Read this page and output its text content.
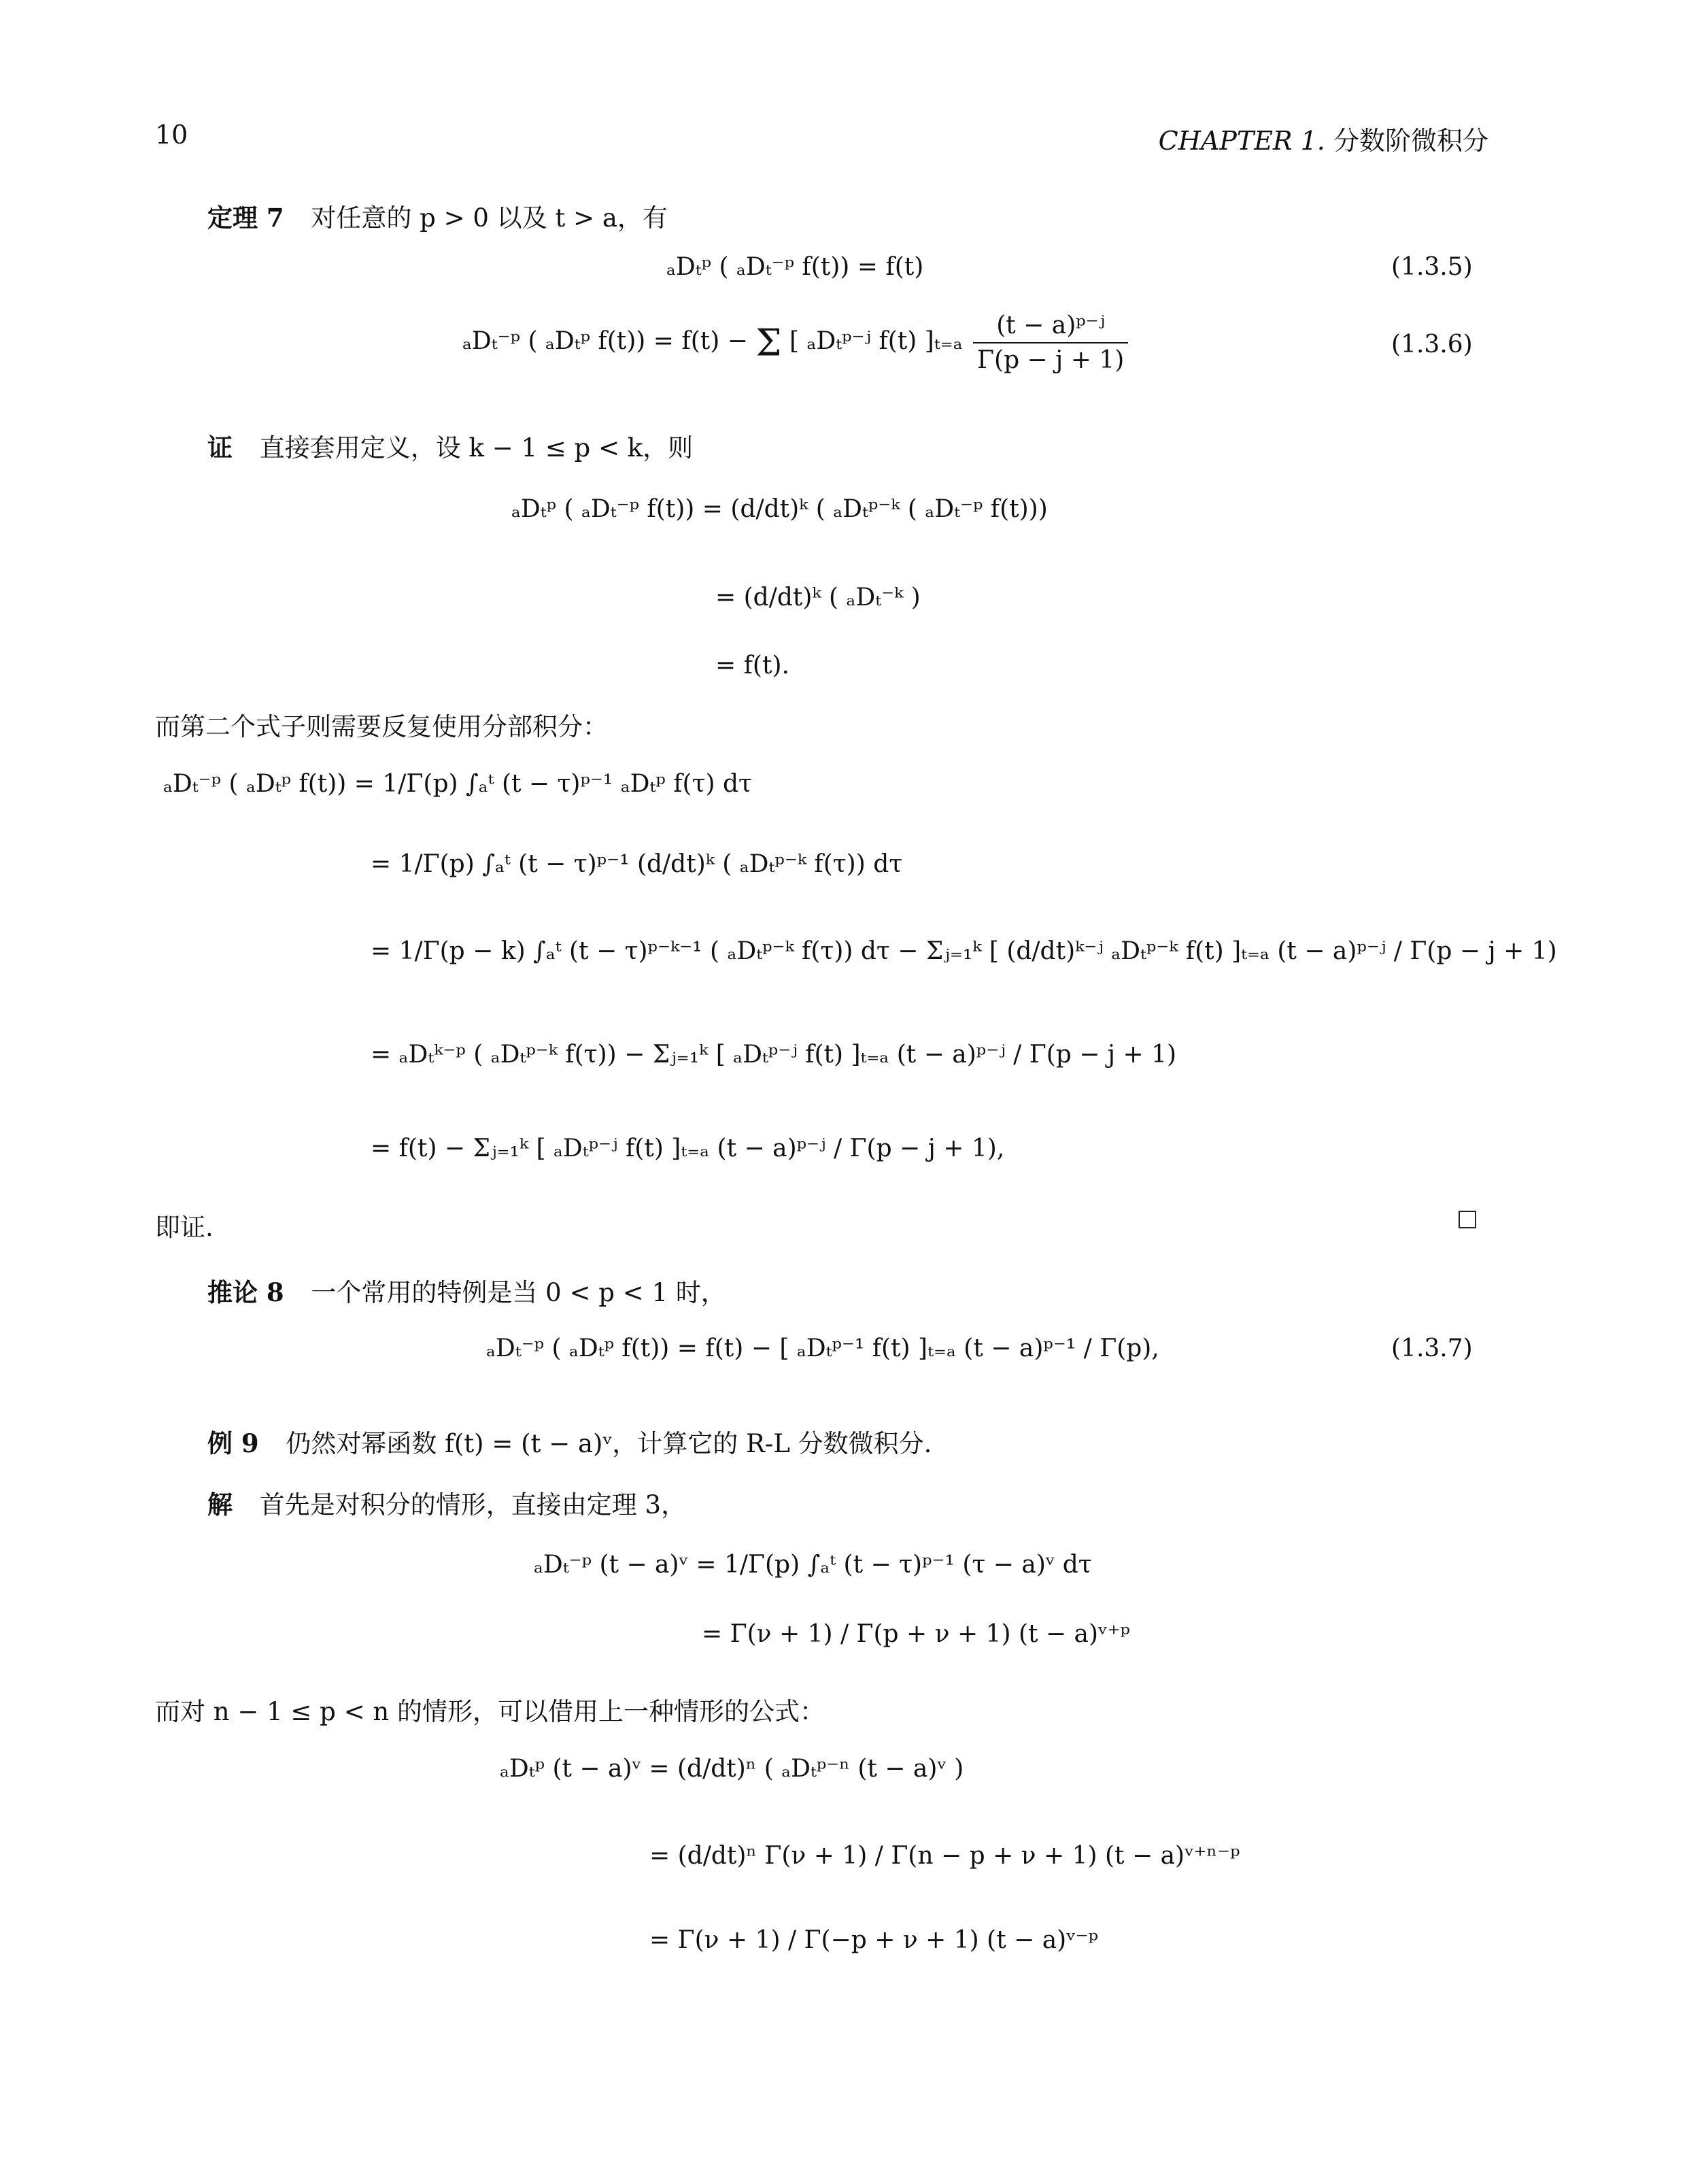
10	CHAPTER 1. 分数阶微积分
定理 7 对任意的 p > 0 以及 t > a，有
ₐDₜᵖ ( ₐDₜ⁻ᵖ f(t)) = f(t)	(1.3.5)
ₐDₜ⁻ᵖ ( ₐDₜᵖ f(t)) = f(t) − Σ [ ₐDₜᵖ⁻ʲ f(t) ]$_{t=a} \frac{\text{(t − a)ᵖ⁻ʲ}}{\Gamma(p - j + 1)}$	(1.3.6)
证 直接套用定义，设 k − 1 ≤ p < k，则
ₐDₜᵖ ( ₐDₜ⁻ᵖ f(t)) = (d/dt)ᵏ ( ₐDₜᵖ⁻ᵏ ( ₐDₜ⁻ᵖ f(t)))
= (d/dt)ᵏ ( ₐDₜ⁻ᵏ )
= f(t).
而第二个式子则需要反复使用分部积分：
ₐDₜ⁻ᵖ ( ₐDₜᵖ f(t)) = 1/Γ(p) ∫ₐᵗ (t − τ)ᵖ⁻¹ ₐDₜᵖ f(τ) dτ
= 1/Γ(p) ∫ₐᵗ (t − τ)ᵖ⁻¹ (d/dt)ᵏ ( ₐDₜᵖ⁻ᵏ f(τ)) dτ
= 1/Γ(p − k) ∫ₐᵗ (t − τ)ᵖ⁻ᵏ⁻¹ ( ₐDₜᵖ⁻ᵏ f(τ)) dτ − Σⱼ₌₁ᵏ [ (d/dt)ᵏ⁻ʲ ₐDₜᵖ⁻ᵏ f(t) ]ₜ₌ₐ (t − a)ᵖ⁻ʲ / Γ(p − j + 1)
= ₐDₜᵏ⁻ᵖ ( ₐDₜᵖ⁻ᵏ f(τ)) − Σⱼ₌₁ᵏ [ ₐDₜᵖ⁻ʲ f(t) ]ₜ₌ₐ (t − a)ᵖ⁻ʲ / Γ(p − j + 1)
= f(t) − Σⱼ₌₁ᵏ [ ₐDₜᵖ⁻ʲ f(t) ]ₜ₌ₐ (t − a)ᵖ⁻ʲ / Γ(p − j + 1),
即证.
推论 8 一个常用的特例是当 0 < p < 1 时，
ₐDₜ⁻ᵖ ( ₐDₜᵖ f(t)) = f(t) − [ ₐDₜᵖ⁻¹ f(t) ]ₜ₌ₐ (t − a)ᵖ⁻¹ / Γ(p),	(1.3.7)
例 9 仍然对幂函数 f(t) = (t − a)ᵛ，计算它的 R-L 分数微积分.
解 首先是对积分的情形，直接由定理 3，
ₐDₜ⁻ᵖ (t − a)ᵛ = 1/Γ(p) ∫ₐᵗ (t − τ)ᵖ⁻¹ (τ − a)ᵛ dτ
= Γ(ν + 1) / Γ(p + ν + 1) (t − a)ᵛ⁺ᵖ
而对 n − 1 ≤ p < n 的情形，可以借用上一种情形的公式：
ₐDₜᵖ (t − a)ᵛ = (d/dt)ⁿ ( ₐDₜᵖ⁻ⁿ (t − a)ᵛ )
= (d/dt)ⁿ Γ(ν + 1) / Γ(n − p + ν + 1) (t − a)ᵛ⁺ⁿ⁻ᵖ
= Γ(ν + 1) / Γ(−p + ν + 1) (t − a)ᵛ⁻ᵖ
